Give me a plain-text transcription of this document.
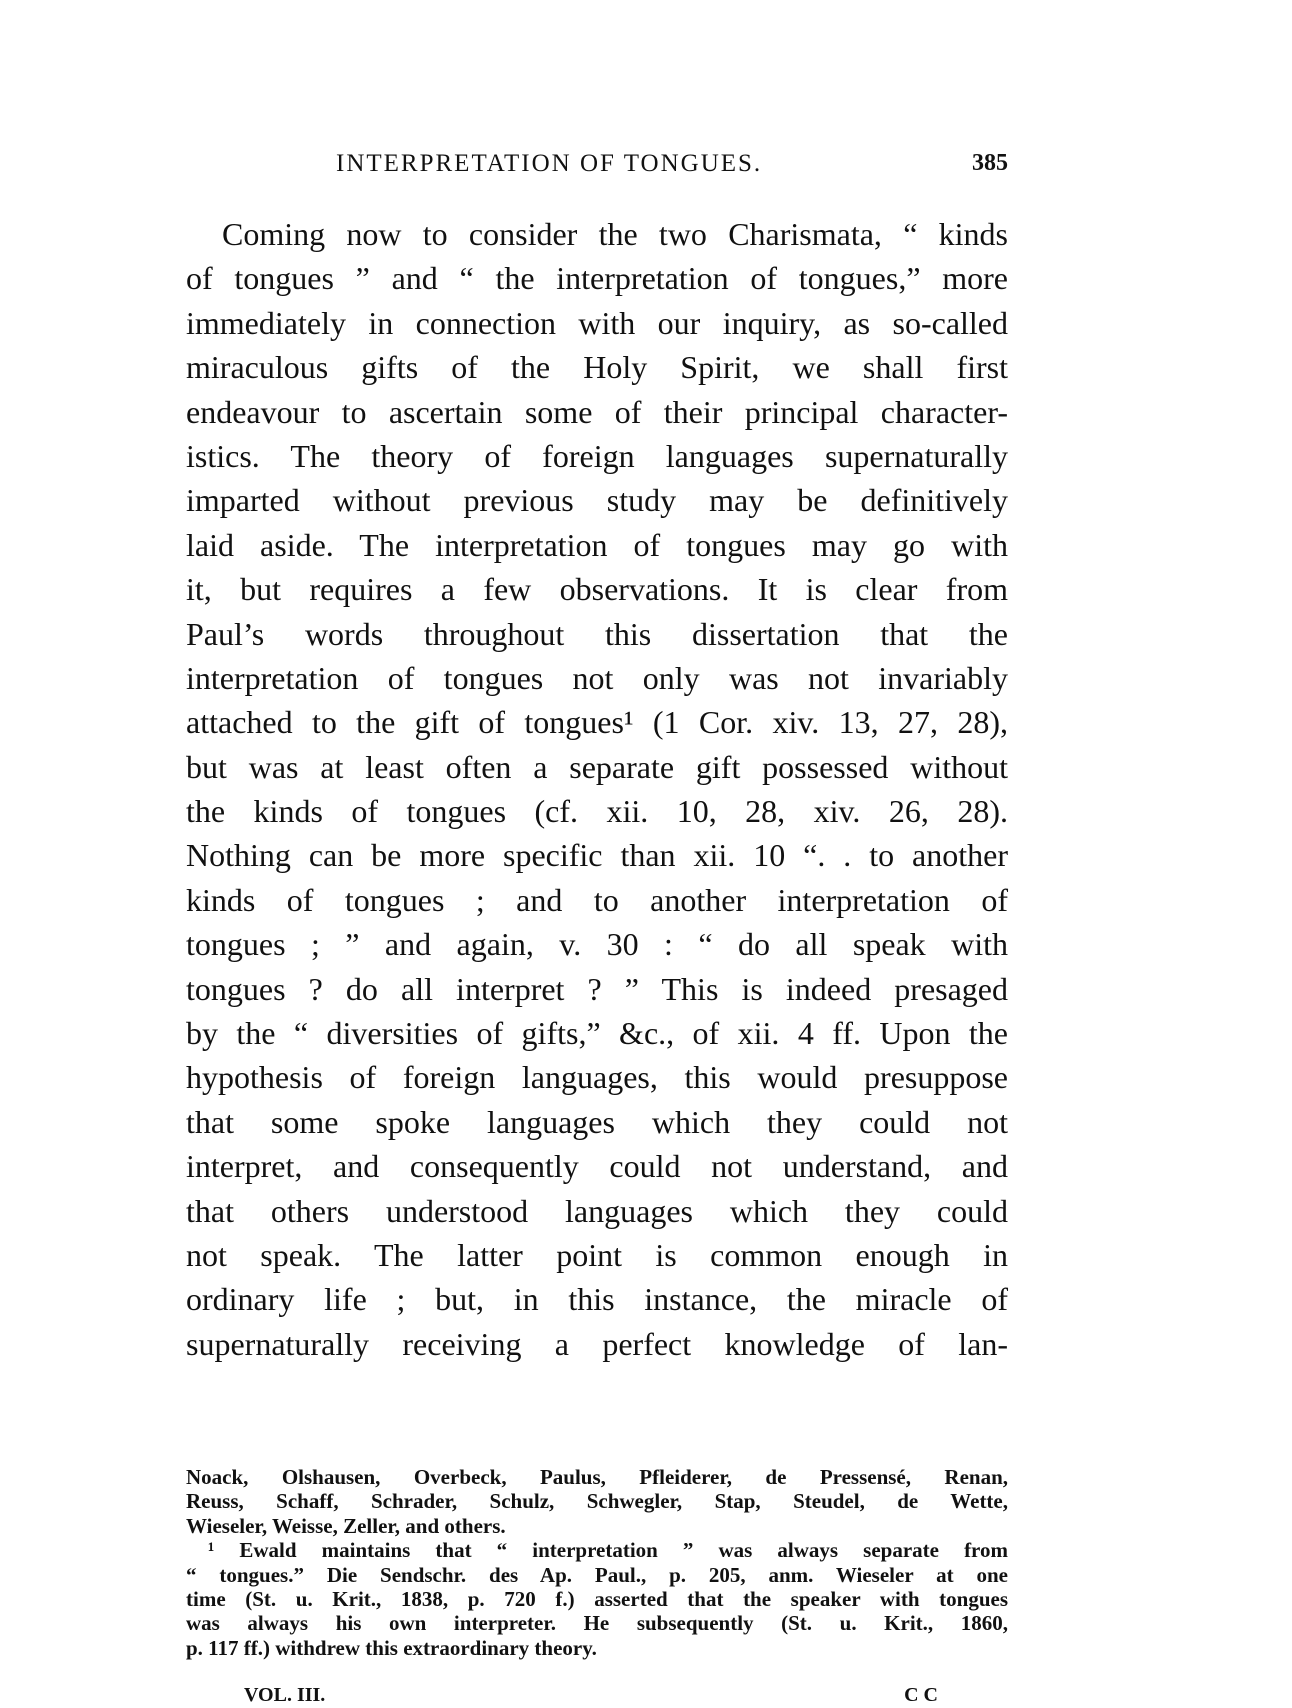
INTERPRETATION OF TONGUES.	385
Coming now to consider the two Charismata, “ kinds
of tongues ” and “ the interpretation of tongues,” more
immediately in connection with our inquiry, as so-called
miraculous gifts of the Holy Spirit, we shall first
endeavour to ascertain some of their principal character-
istics. The theory of foreign languages supernaturally
imparted without previous study may be definitively
laid aside. The interpretation of tongues may go with
it, but requires a few observations. It is clear from
Paul’s words throughout this dissertation that the
interpretation of tongues not only was not invariably
attached to the gift of tongues¹ (1 Cor. xiv. 13, 27, 28),
but was at least often a separate gift possessed without
the kinds of tongues (cf. xii. 10, 28, xiv. 26, 28).
Nothing can be more specific than xii. 10 “. . to another
kinds of tongues ; and to another interpretation of
tongues ; ” and again, v. 30 : “ do all speak with
tongues ? do all interpret ? ” This is indeed presaged
by the “ diversities of gifts,” &c., of xii. 4 ff. Upon the
hypothesis of foreign languages, this would presuppose
that some spoke languages which they could not
interpret, and consequently could not understand, and
that others understood languages which they could
not speak. The latter point is common enough in
ordinary life ; but, in this instance, the miracle of
supernaturally receiving a perfect knowledge of lan-
Noack, Olshausen, Overbeck, Paulus, Pfleiderer, de Pressensé, Renan,
Reuss, Schaff, Schrader, Schulz, Schwegler, Stap, Steudel, de Wette,
Wieseler, Weisse, Zeller, and others.
¹ Ewald maintains that “ interpretation ” was always separate from
“ tongues.” Die Sendschr. des Ap. Paul., p. 205, anm. Wieseler at one
time (St. u. Krit., 1838, p. 720 f.) asserted that the speaker with tongues
was always his own interpreter. He subsequently (St. u. Krit., 1860,
p. 117 ff.) withdrew this extraordinary theory.
VOL. III.	C C
